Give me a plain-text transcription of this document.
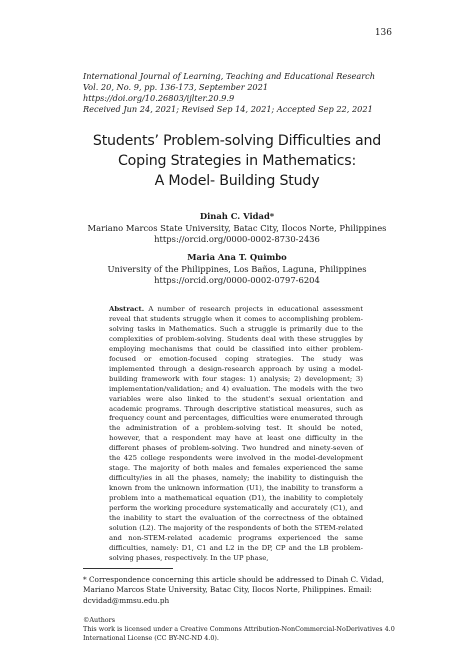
136
International Journal of Learning, Teaching and Educational Research
Vol. 20, No. 9, pp. 136-173, September 2021
https://doi.org/10.26803/ijlter.20.9.9
Received Jun 24, 2021; Revised Sep 14, 2021; Accepted Sep 22, 2021
Students’ Problem-solving Difficulties and
Coping Strategies in Mathematics:
A Model- Building Study
Dinah C. Vidad*
Mariano Marcos State University, Batac City, Ilocos Norte, Philippines
https://orcid.org/0000-0002-8730-2436
Maria Ana T. Quimbo
University of the Philippines, Los Baños, Laguna, Philippines
https://orcid.org/0000-0002-0797-6204
Abstract. A number of research projects in educational assessment reveal that students struggle when it comes to accomplishing problem-solving tasks in Mathematics. Such a struggle is primarily due to the complexities of problem-solving. Students deal with these struggles by employing mechanisms that could be classified into either problem-focused or emotion-focused coping strategies. The study was implemented through a design-research approach by using a model-building framework with four stages: 1) analysis; 2) development; 3) implementation/validation; and 4) evaluation. The models with the two variables were also linked to the student's sexual orientation and academic programs. Through descriptive statistical measures, such as frequency count and percentages, difficulties were enumerated through the administration of a problem-solving test. It should be noted, however, that a respondent may have at least one difficulty in the different phases of problem-solving. Two hundred and ninety-seven of the 425 college respondents were involved in the model-development stage. The majority of both males and females experienced the same difficulty/ies in all the phases, namely; the inability to distinguish the known from the unknown information (U1), the inability to transform a problem into a mathematical equation (D1), the inability to completely perform the working procedure systematically and accurately (C1), and the inability to start the evaluation of the correctness of the obtained solution (L2). The majority of the respondents of both the STEM-related and non-STEM-related academic programs experienced the same difficulties, namely: D1, C1 and L2 in the DP, CP and the LB problem-solving phases, respectively. In the UP phase,
* Correspondence concerning this article should be addressed to Dinah C. Vidad, Mariano Marcos State University, Batac City, Ilocos Norte, Philippines. Email: dcvidad@mmsu.edu.ph
©Authors
This work is licensed under a Creative Commons Attribution-NonCommercial-NoDerivatives 4.0
International License (CC BY-NC-ND 4.0).
